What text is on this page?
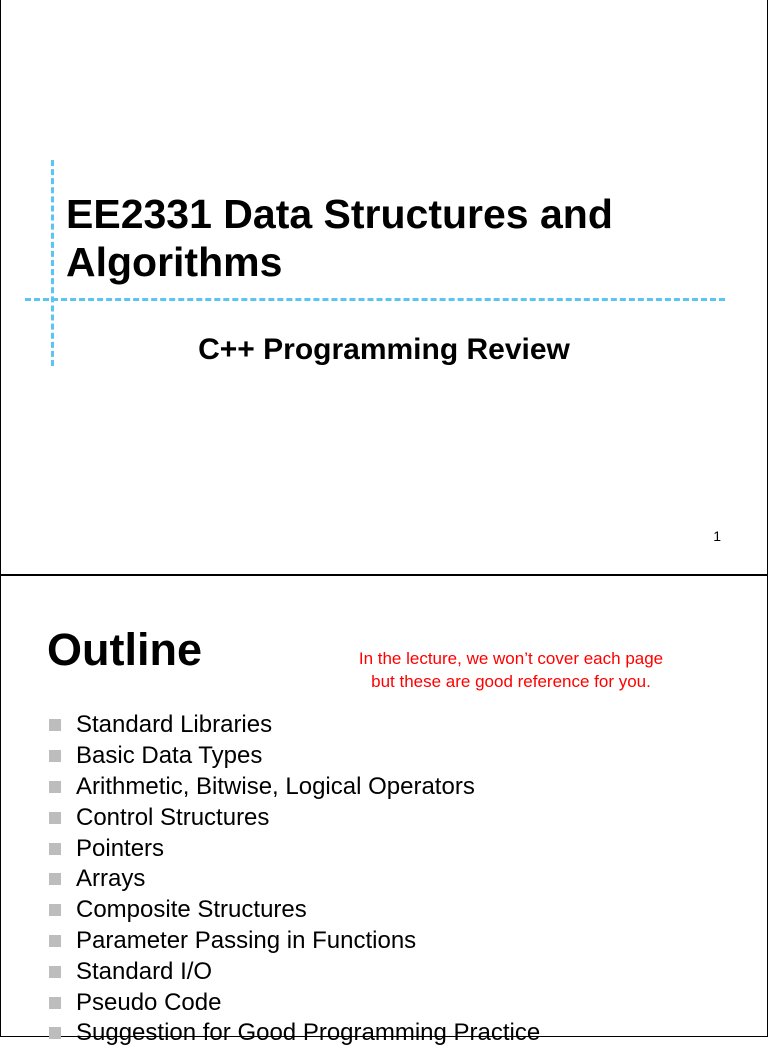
EE2331 Data Structures and
Algorithms
C++ Programming Review
1
Outline	In the lecture, we won’t cover each page
but these are good reference for you.
Standard Libraries
Basic Data Types
Arithmetic, Bitwise, Logical Operators
Control Structures
Pointers
Arrays
Composite Structures
Parameter Passing in Functions
Standard I/O
Pseudo Code
Suggestion for Good Programming Practice
